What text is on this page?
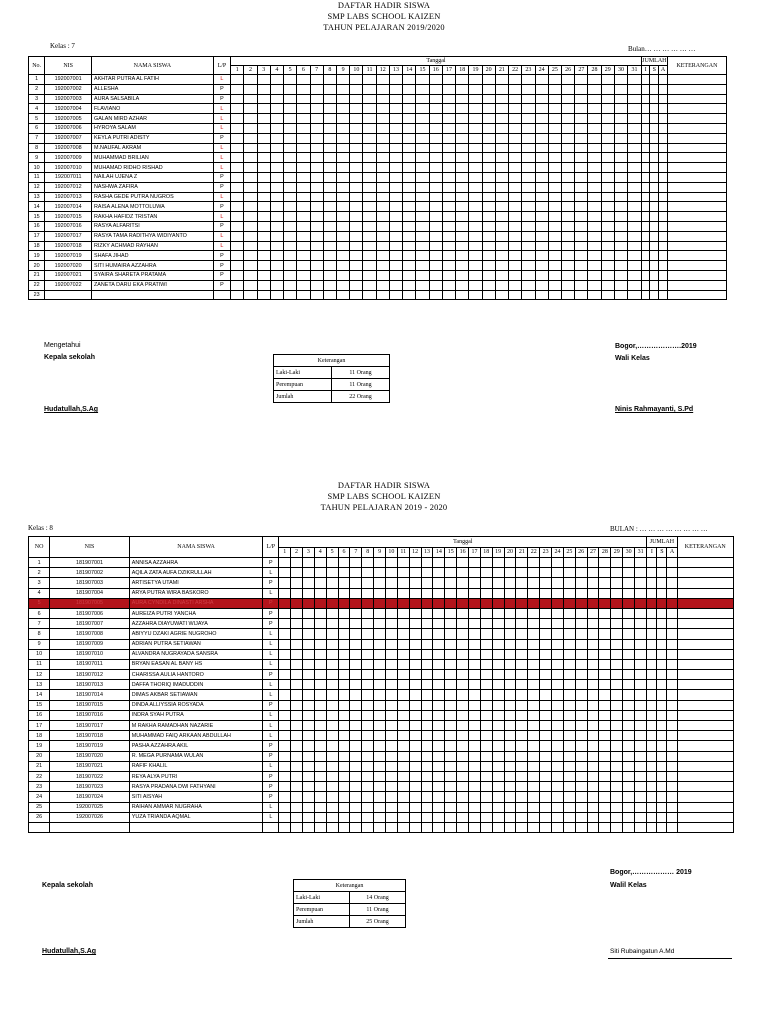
DAFTAR HADIR SISWA
SMP LABS SCHOOL KAIZEN
TAHUN PELAJARAN 2019/2020
Kelas : 7	Bulan… … … … … …
No.	NIS	NAMA SISWA	L/P	Tanggal																															JUMLAH			KETERANGAN
				1	2	3	4	5	6	7	8	9	10	11	12	13	14	15	16	17	18	19	20	21	22	23	24	25	26	27	28	29	30	31	I	S	A	
1	192007001	AKHTAR PUTRA AL FATIH	L																																			
2	192007002	ALLESHA	P																																			
3	192007003	AURA SALSABILA	P																																			
4	192007004	FLAVIANO	L																																			
5	192007005	GALAN MIRD AZHAR	L																																			
6	192007006	HYROYA SALAM	L																																			
7	192007007	KEYLA PUTRI ADISTY	P																																			
8	192007008	M.NAUFAL AKRAM	L																																			
9	192007009	MUHAMMAD BRILIAN	L																																			
10	192007010	MUHAMAD RIDHO RISHAD	L																																			
11	192007011	NAILAH UJENA Z	P																																			
12	192007012	NASHWA ZAFIRA	P																																			
13	192007013	RASHA GEDE PUTRA NUGROS	L																																			
14	192007014	RAISA ALENA MOTTOLUWA	P																																			
15	192007015	RAKHA HAFIDZ TRISTAN	L																																			
16	192007016	RASYA ALFARITSI	P																																			
17	192007017	RASYA TAMA RADITHYA WIDIYANTO	L																																			
18	192007018	RIZKY ACHMAD RAYHAN	L																																			
19	192007019	SHAFA JIHAD	P																																			
20	192007020	SITI HUMAIRA AZZAHRA	P																																			
21	192007021	SYAIRA SHARETA PRATAMA	P																																			
22	192007022	ZANETA DARU EKA PRATIWI	P																																			
23																																						
Mengetahui
Kepala sekolah
Hudatullah,S.Ag
Bogor,……………….2019
Wali Kelas
Ninis Rahmayanti, S.Pd
Keterangan	
Laki-Laki	11 Orang
Perempuan	11 Orang
Jumlah	22 Orang
DAFTAR HADIR SISWA
SMP LABS SCHOOL KAIZEN
TAHUN PELAJARAN 2019 - 2020
Kelas : 8	BULAN : … … … … … … … …
NO	NIS	NAMA SISWA	L/P	Tanggal																															JUMLAH			KETERANGAN
				1	2	3	4	5	6	7	8	9	10	11	12	13	14	15	16	17	18	19	20	21	22	23	24	25	26	27	28	29	30	31	I	S	A	
1	181907001	ANNISA AZZAHRA	P																																			
2	181907002	AQILA ZATA AUFA DZIKRULLAH	L																																			
3	181907003	ARTISETYA UTAMI	P																																			
4	181907004	ARYA PUTRA WIRA BASKORO	L																																			
5	181907005	AURA CYNDILA DINASTI ARSHA	P																																			
6	181907006	AUREIZA PUTRI YANCHA	P																																			
7	181907007	AZZAHRA DIAYUWATI WIJAYA	P																																			
8	181907008	ABIYYU DZAKI AGRIE NUGROHO	L																																			
9	181907009	ADRIAN PUTRA SETIAWAN	L																																			
10	181907010	ALVANDRA NUGRAYADA SANSRA	L																																			
11	181907011	BRYAN EASAN AL BANY HS	L																																			
12	181907012	CHARISSA AULIA HANTORO	P																																			
13	181907013	DAFFA THORIQ IMADUDDIN	L																																			
14	181907014	DIMAS AKBAR SETIAWAN	L																																			
15	181907015	DINDA ALLIYSSIA ROSYADA	P																																			
16	181907016	INDRA SYAH PUTRA	L																																			
17	181907017	M RAKHA RAMADHAN NAZARIE	L																																			
18	181907018	MUHAMMAD FAIQ ARKAAN ABDULLAH	L																																			
19	181907019	PASHA AZZAHRA AKIL	P																																			
20	181907020	R. MEGA PURNAMA WULAN	P																																			
21	181907021	RAFIF KHALIL	L																																			
22	181907022	REYA ALYA PUTRI	P																																			
23	181907023	RASYA PRADANA DWI FATHYANI	P																																			
24	181907024	SITI AISYAH	P																																			
25	192007025	RAIHAN AMMAR NUGRAHA	L																																			
26	192007026	YUZA TRIANDA AQMAL	L																																			

Kepala sekolah
Hudatullah,S.Ag
Bogor,……………… 2019
Walil Kelas
Siti Rubaingatun A.Md
Keterangan	
Laki-Laki	14 Orang
Perempuan	11 Orang
Jumlah	25 Orang
